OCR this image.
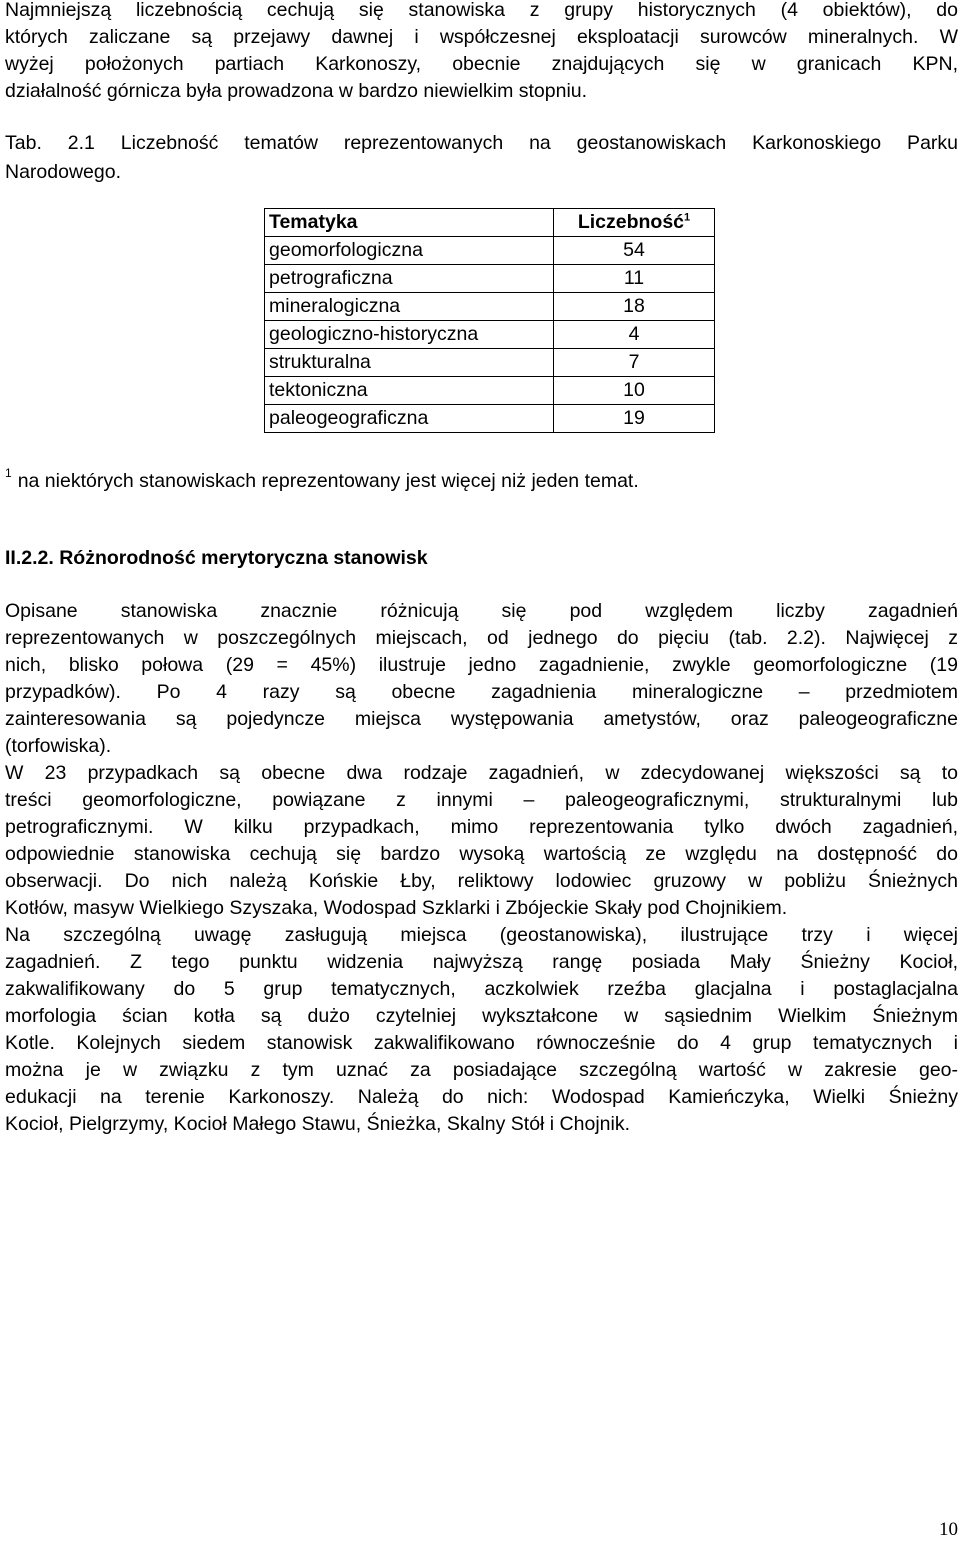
Najmniejszą liczebnością cechują się stanowiska z grupy historycznych (4 obiektów), do
których zaliczane są przejawy dawnej i współczesnej eksploatacji surowców mineralnych. W
wyżej położonych partiach Karkonoszy, obecnie znajdujących się w granicach KPN,
działalność górnicza była prowadzona w bardzo niewielkim stopniu.
Tab. 2.1 Liczebność tematów reprezentowanych na geostanowiskach Karkonoskiego Parku
Narodowego.
Tematyka	Liczebność$^1$
geomorfologiczna	54
petrograficzna	11
mineralogiczna	18
geologiczno-historyczna	4
strukturalna	7
tektoniczna	10
paleogeograficzna	19
$^1$ na niektórych stanowiskach reprezentowany jest więcej niż jeden temat.
II.2.2. Różnorodność merytoryczna stanowisk
Opisane stanowiska znacznie różnicują się pod względem liczby zagadnień
reprezentowanych w poszczególnych miejscach, od jednego do pięciu (tab. 2.2). Najwięcej z
nich, blisko połowa (29 = 45%) ilustruje jedno zagadnienie, zwykle geomorfologiczne (19
przypadków). Po 4 razy są obecne zagadnienia mineralogiczne – przedmiotem
zainteresowania są pojedyncze miejsca występowania ametystów, oraz paleogeograficzne
(torfowiska).
W 23 przypadkach są obecne dwa rodzaje zagadnień, w zdecydowanej większości są to
treści geomorfologiczne, powiązane z innymi – paleogeograficznymi, strukturalnymi lub
petrograficznymi. W kilku przypadkach, mimo reprezentowania tylko dwóch zagadnień,
odpowiednie stanowiska cechują się bardzo wysoką wartością ze względu na dostępność do
obserwacji. Do nich należą Końskie Łby, reliktowy lodowiec gruzowy w pobliżu Śnieżnych
Kotłów, masyw Wielkiego Szyszaka, Wodospad Szklarki i Zbójeckie Skały pod Chojnikiem.
Na szczególną uwagę zasługują miejsca (geostanowiska), ilustrujące trzy i więcej
zagadnień. Z tego punktu widzenia najwyższą rangę posiada Mały Śnieżny Kocioł,
zakwalifikowany do 5 grup tematycznych, aczkolwiek rzeźba glacjalna i postaglacjalna
morfologia ścian kotła są dużo czytelniej wykształcone w sąsiednim Wielkim Śnieżnym
Kotle. Kolejnych siedem stanowisk zakwalifikowano równocześnie do 4 grup tematycznych i
można je w związku z tym uznać za posiadające szczególną wartość w zakresie geo-
edukacji na terenie Karkonoszy. Należą do nich: Wodospad Kamieńczyka, Wielki Śnieżny
Kocioł, Pielgrzymy, Kocioł Małego Stawu, Śnieżka, Skalny Stół i Chojnik.
10
